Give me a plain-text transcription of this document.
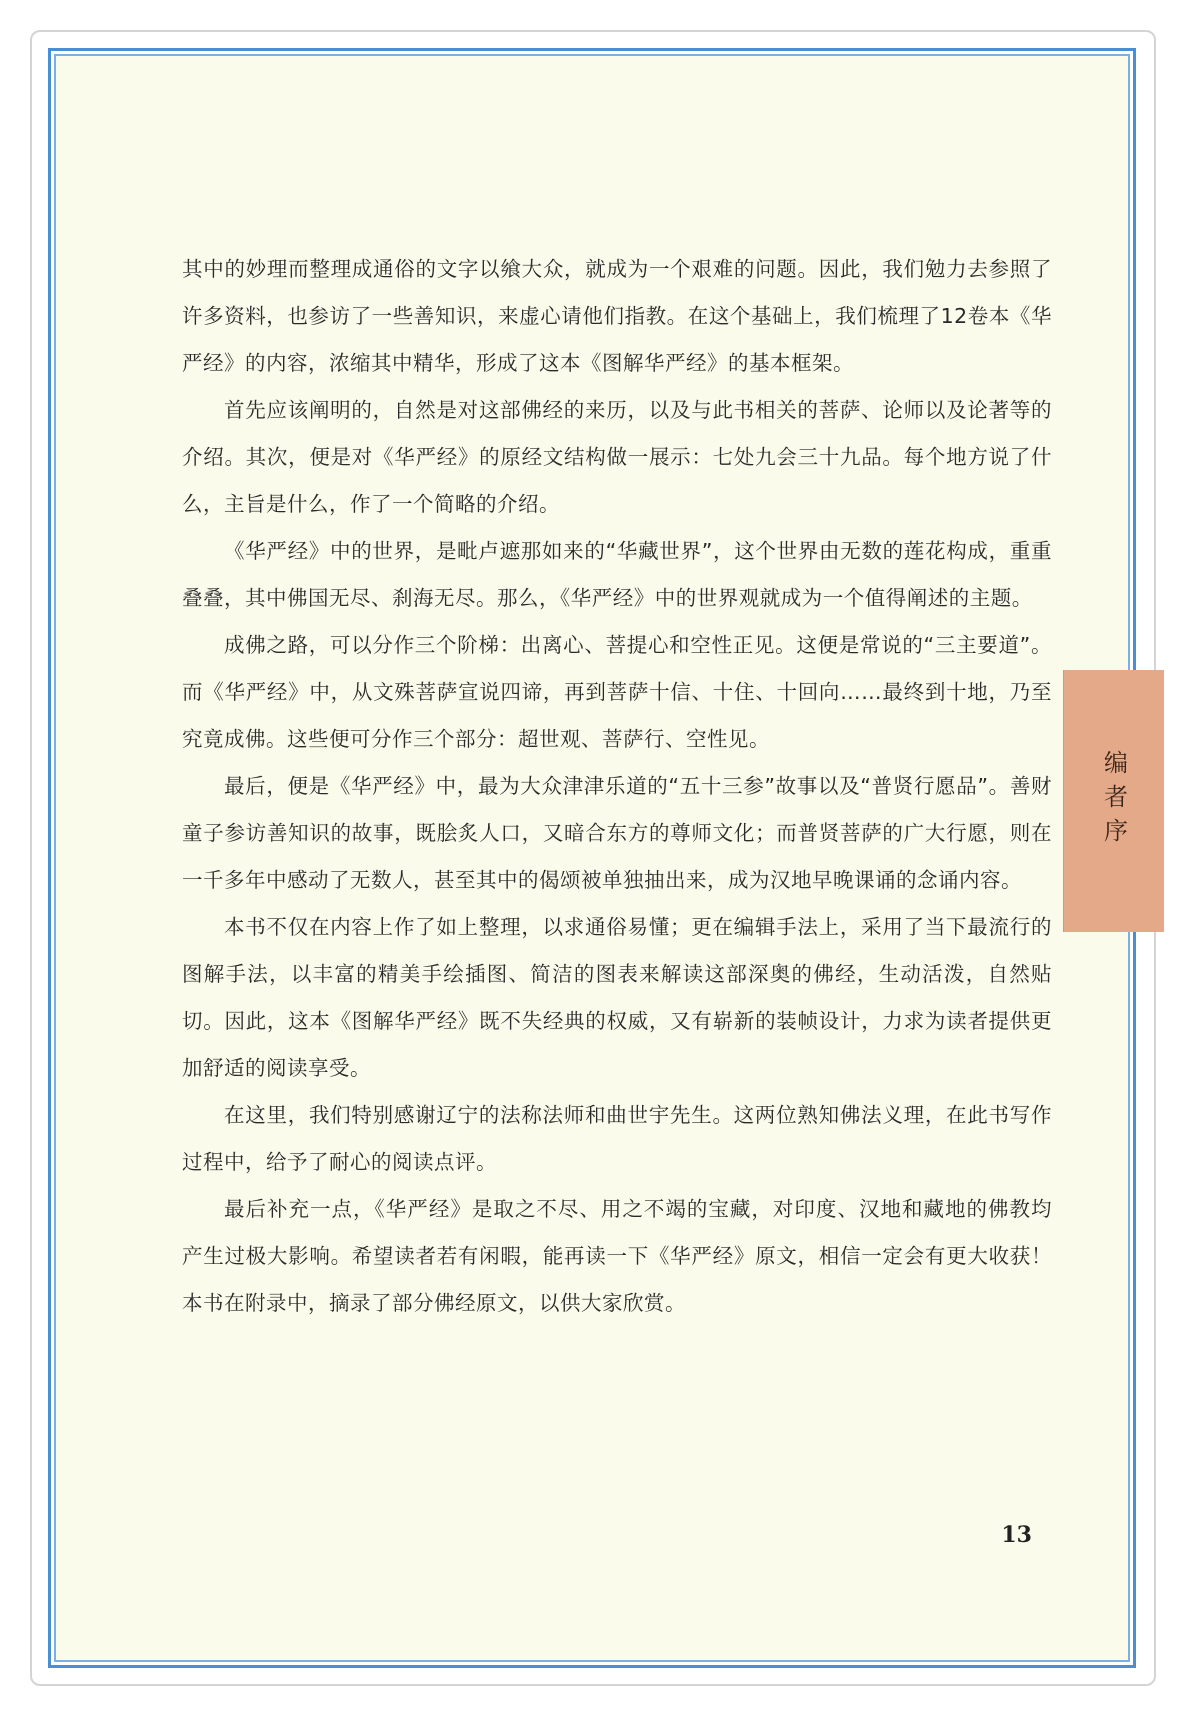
其中的妙理而整理成通俗的文字以飨大众，就成为一个艰难的问题。因此，我们勉力去参照了许多资料，也参访了一些善知识，来虚心请他们指教。在这个基础上，我们梳理了12卷本《华严经》的内容，浓缩其中精华，形成了这本《图解华严经》的基本框架。

首先应该阐明的，自然是对这部佛经的来历，以及与此书相关的菩萨、论师以及论著等的介绍。其次，便是对《华严经》的原经文结构做一展示：七处九会三十九品。每个地方说了什么，主旨是什么，作了一个简略的介绍。

《华严经》中的世界，是毗卢遮那如来的“华藏世界”，这个世界由无数的莲花构成，重重叠叠，其中佛国无尽、刹海无尽。那么，《华严经》中的世界观就成为一个值得阐述的主题。

成佛之路，可以分作三个阶梯：出离心、菩提心和空性正见。这便是常说的“三主要道”。而《华严经》中，从文殊菩萨宣说四谛，再到菩萨十信、十住、十回向……最终到十地，乃至究竟成佛。这些便可分作三个部分：超世观、菩萨行、空性见。

最后，便是《华严经》中，最为大众津津乐道的“五十三参”故事以及“普贤行愿品”。善财童子参访善知识的故事，既脍炙人口，又暗合东方的尊师文化；而普贤菩萨的广大行愿，则在一千多年中感动了无数人，甚至其中的偈颂被单独抽出来，成为汉地早晚课诵的念诵内容。

本书不仅在内容上作了如上整理，以求通俗易懂；更在编辑手法上，采用了当下最流行的图解手法，以丰富的精美手绘插图、简洁的图表来解读这部深奥的佛经，生动活泼，自然贴切。因此，这本《图解华严经》既不失经典的权威，又有崭新的装帧设计，力求为读者提供更加舒适的阅读享受。

在这里，我们特别感谢辽宁的法称法师和曲世宇先生。这两位熟知佛法义理，在此书写作过程中，给予了耐心的阅读点评。

最后补充一点，《华严经》是取之不尽、用之不竭的宝藏，对印度、汉地和藏地的佛教均产生过极大影响。希望读者若有闲暇，能再读一下《华严经》原文，相信一定会有更大收获！本书在附录中，摘录了部分佛经原文，以供大家欣赏。

编者序
13
